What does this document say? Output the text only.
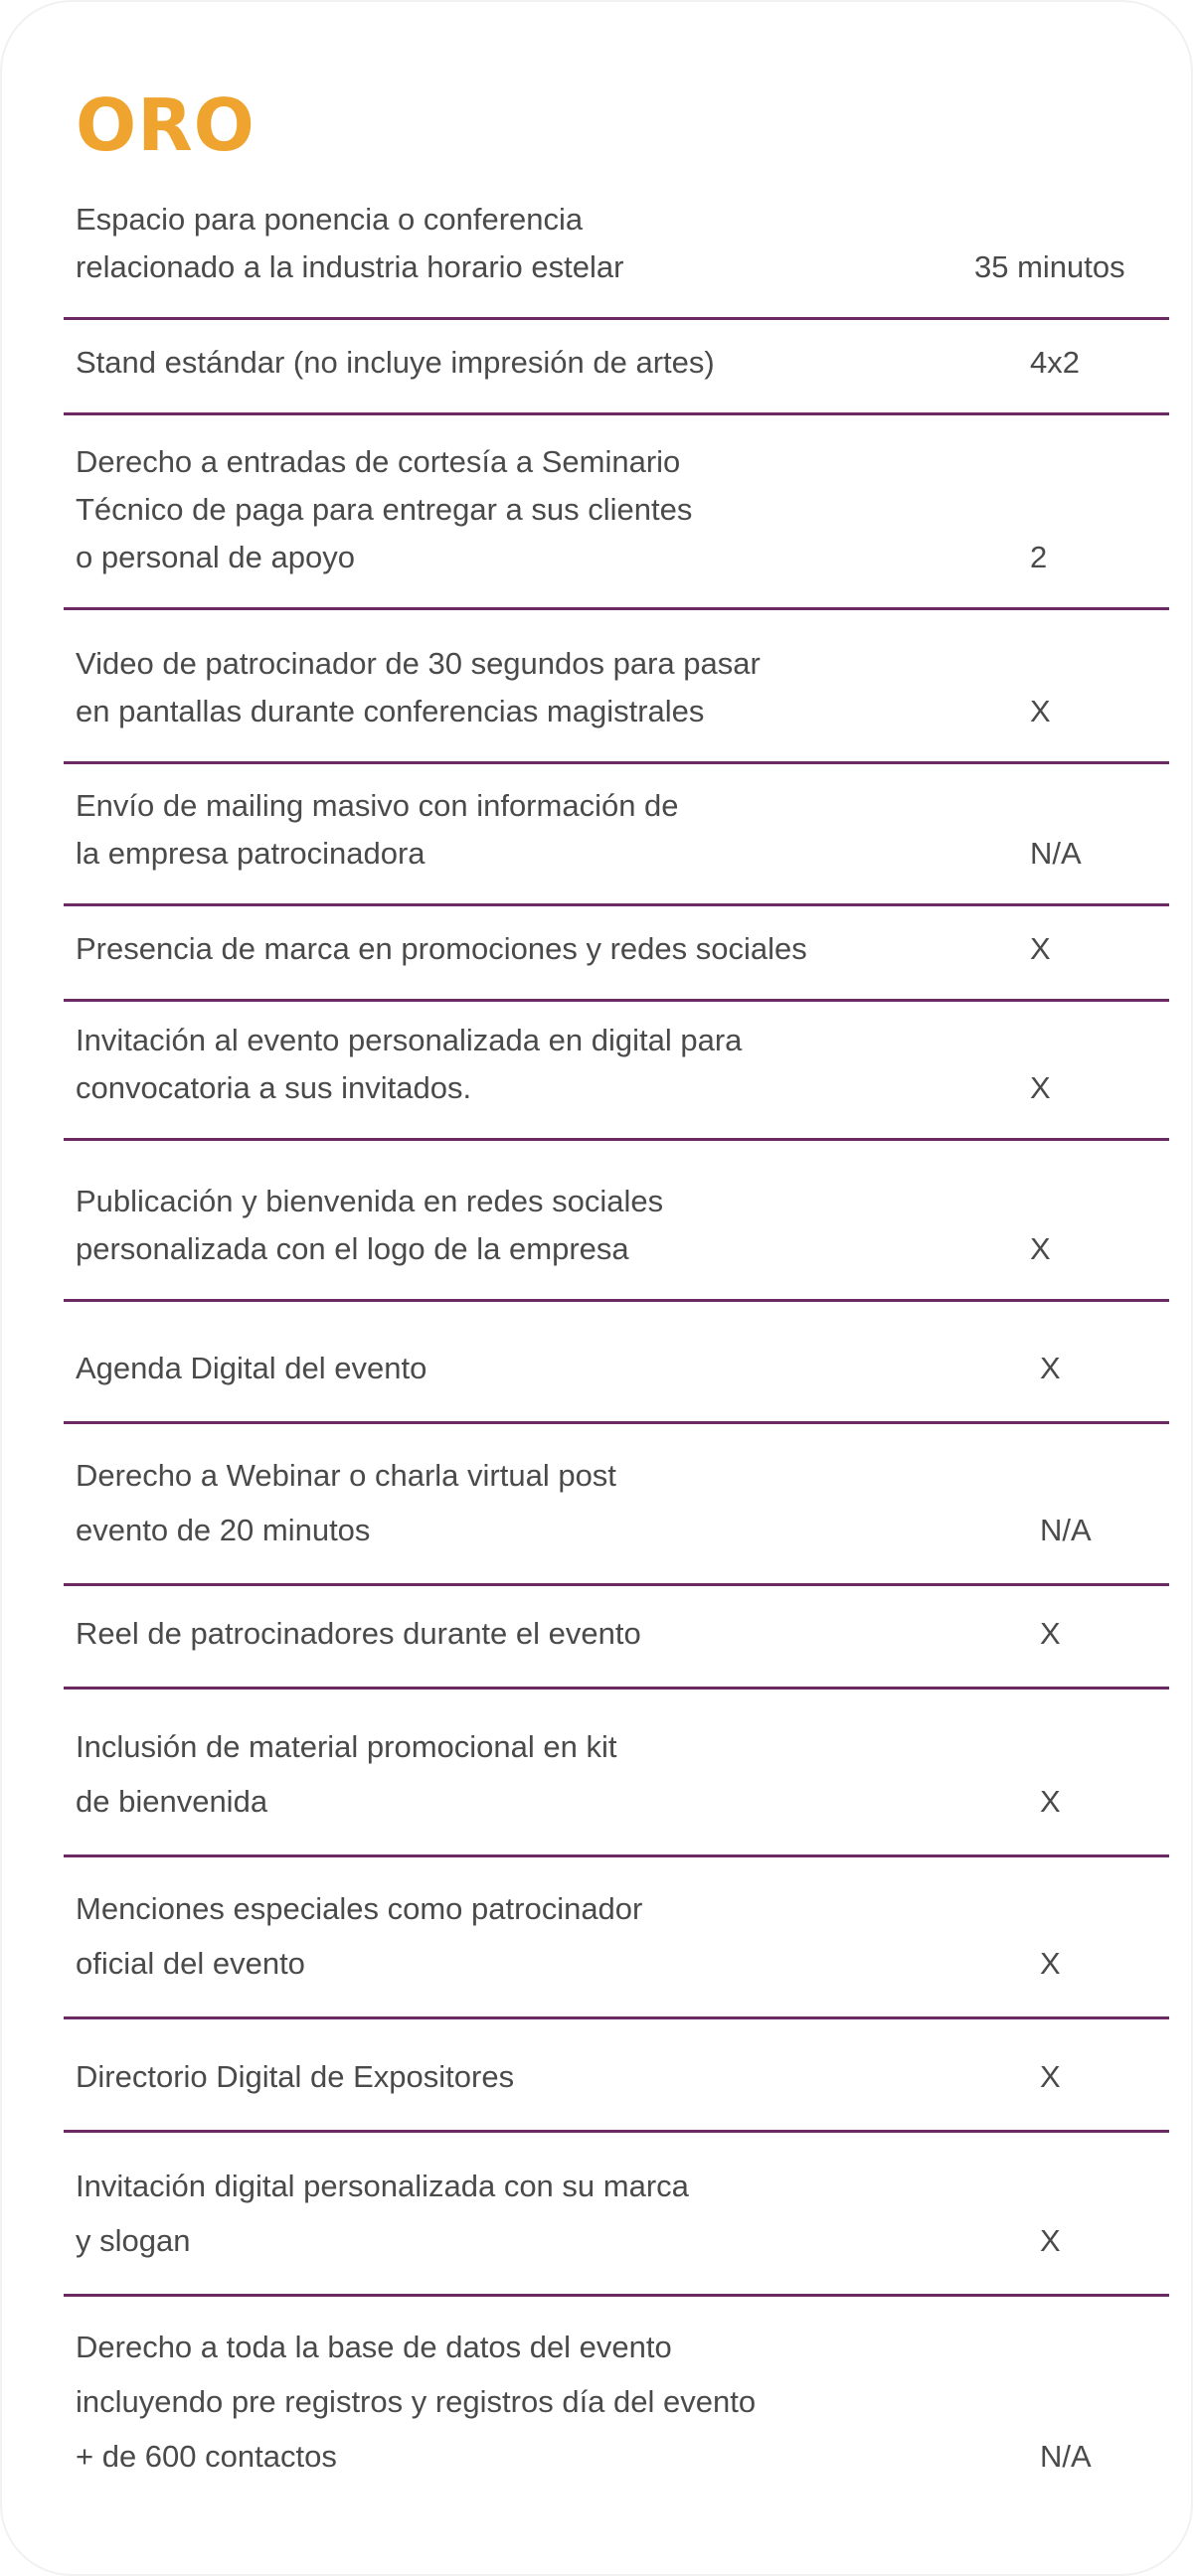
ORO
Espacio para ponencia o conferencia
relacionado a la industria horario estelar	35 minutos
Stand estándar (no incluye impresión de artes)	4x2
Derecho a entradas de cortesía a Seminario
Técnico de paga para entregar a sus clientes
o personal de apoyo	2
Video de patrocinador de 30 segundos para pasar
en pantallas durante conferencias magistrales	X
Envío de mailing masivo con información de
la empresa patrocinadora	N/A
Presencia de marca en promociones y redes sociales	X
Invitación al evento personalizada en digital para
convocatoria a sus invitados.	X
Publicación y bienvenida en redes sociales
personalizada con el logo de la empresa	X
Agenda Digital del evento	X
Derecho a Webinar o charla virtual post
evento de 20 minutos	N/A
Reel de patrocinadores durante el evento	X
Inclusión de material promocional en kit
de bienvenida	X
Menciones especiales como patrocinador
oficial del evento	X
Directorio Digital de Expositores	X
Invitación digital personalizada con su marca
y slogan	X
Derecho a toda la base de datos del evento
incluyendo pre registros y registros día del evento
+ de 600 contactos	N/A
